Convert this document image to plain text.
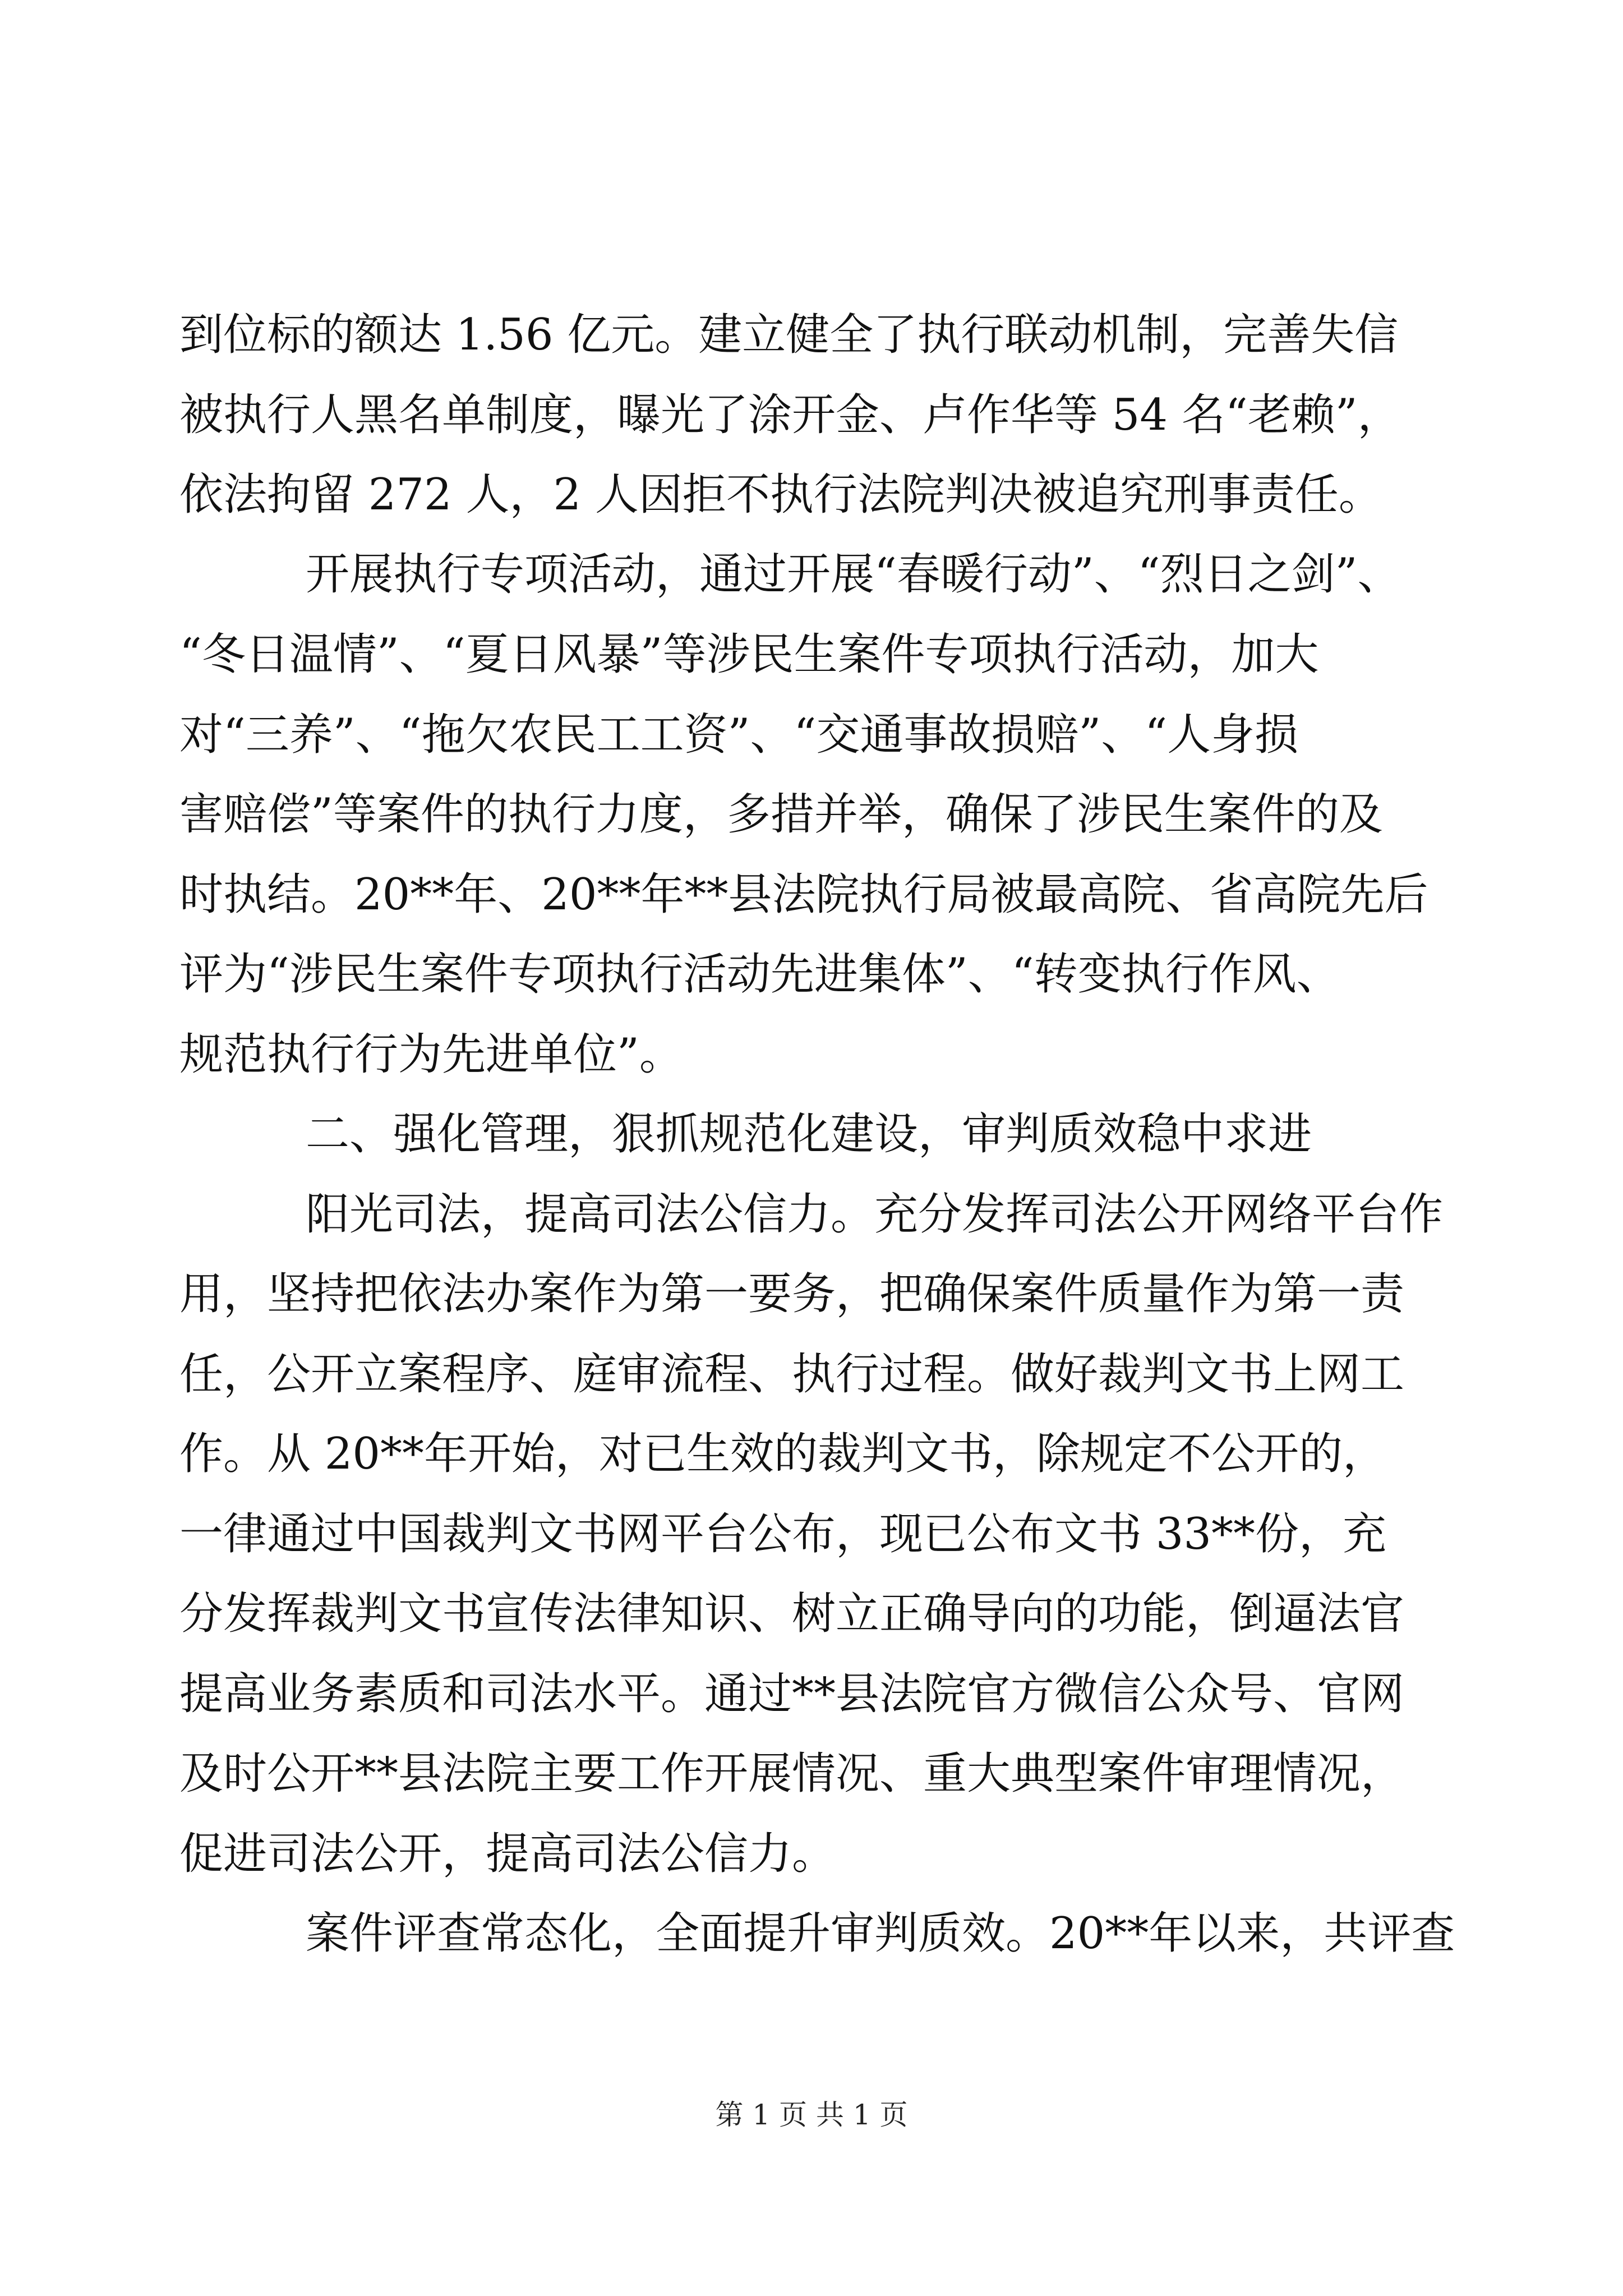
到位标的额达 1.56 亿元。建立健全了执行联动机制，完善失信
被执行人黑名单制度，曝光了涂开金、卢作华等 54 名“老赖”，
依法拘留 272 人，2 人因拒不执行法院判决被追究刑事责任。
开展执行专项活动，通过开展“春暖行动”、“烈日之剑”、
“冬日温情”、“夏日风暴”等涉民生案件专项执行活动，加大
对“三养”、“拖欠农民工工资”、“交通事故损赔”、“人身损
害赔偿”等案件的执行力度，多措并举，确保了涉民生案件的及
时执结。20**年、20**年**县法院执行局被最高院、省高院先后
评为“涉民生案件专项执行活动先进集体”、“转变执行作风、
规范执行行为先进单位”。
二、强化管理，狠抓规范化建设，审判质效稳中求进
阳光司法，提高司法公信力。充分发挥司法公开网络平台作
用，坚持把依法办案作为第一要务，把确保案件质量作为第一责
任，公开立案程序、庭审流程、执行过程。做好裁判文书上网工
作。从 20**年开始，对已生效的裁判文书，除规定不公开的，
一律通过中国裁判文书网平台公布，现已公布文书 33**份，充
分发挥裁判文书宣传法律知识、树立正确导向的功能，倒逼法官
提高业务素质和司法水平。通过**县法院官方微信公众号、官网
及时公开**县法院主要工作开展情况、重大典型案件审理情况，
促进司法公开，提高司法公信力。
案件评查常态化，全面提升审判质效。20**年以来，共评查
第 1 页 共 1 页
